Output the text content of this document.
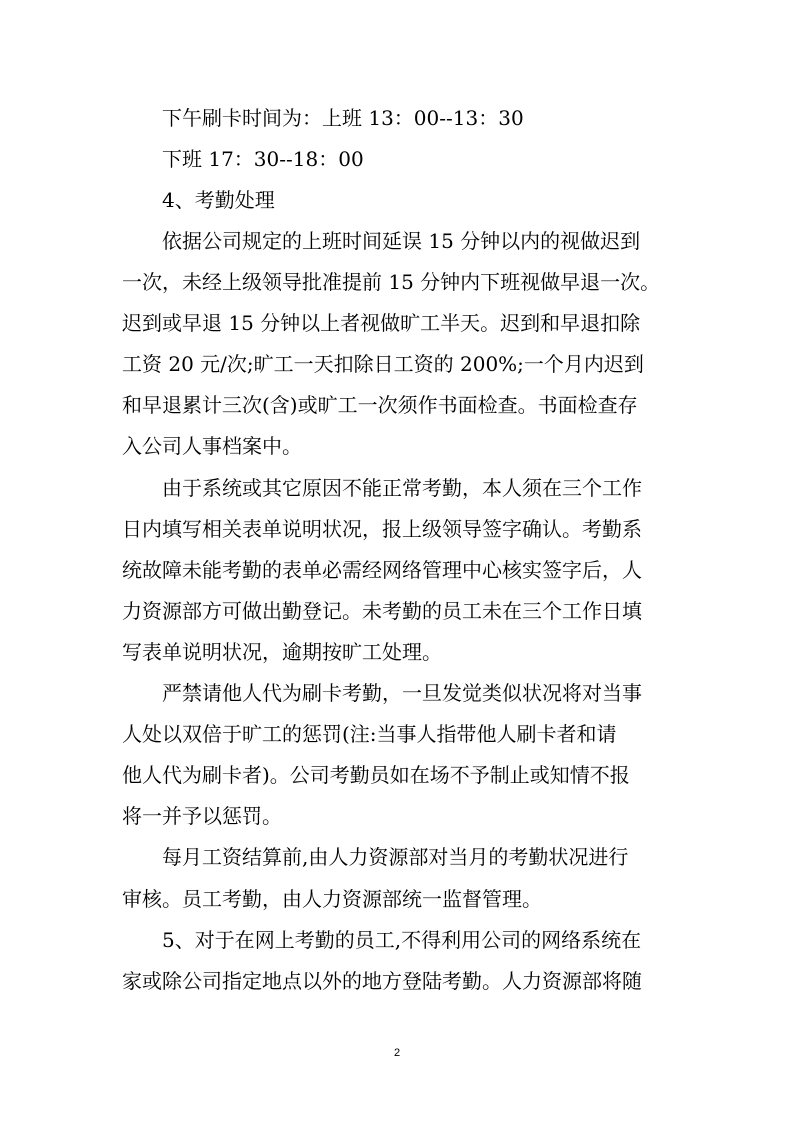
下午刷卡时间为：上班 13：00--13：30
下班 17：30--18：00
4、考勤处理
依据公司规定的上班时间延误 15 分钟以内的视做迟到
一次，未经上级领导批准提前 15 分钟内下班视做早退一次。
迟到或早退 15 分钟以上者视做旷工半天。迟到和早退扣除
工资 20 元/次;旷工一天扣除日工资的 200%;一个月内迟到
和早退累计三次(含)或旷工一次须作书面检查。书面检查存
入公司人事档案中。
由于系统或其它原因不能正常考勤，本人须在三个工作
日内填写相关表单说明状况，报上级领导签字确认。考勤系
统故障未能考勤的表单必需经网络管理中心核实签字后，人
力资源部方可做出勤登记。未考勤的员工未在三个工作日填
写表单说明状况，逾期按旷工处理。
严禁请他人代为刷卡考勤，一旦发觉类似状况将对当事
人处以双倍于旷工的惩罚(注:当事人指带他人刷卡者和请
他人代为刷卡者)。公司考勤员如在场不予制止或知情不报
将一并予以惩罚。
每月工资结算前,由人力资源部对当月的考勤状况进行
审核。员工考勤，由人力资源部统一监督管理。
5、对于在网上考勤的员工,不得利用公司的网络系统在
家或除公司指定地点以外的地方登陆考勤。人力资源部将随
2
